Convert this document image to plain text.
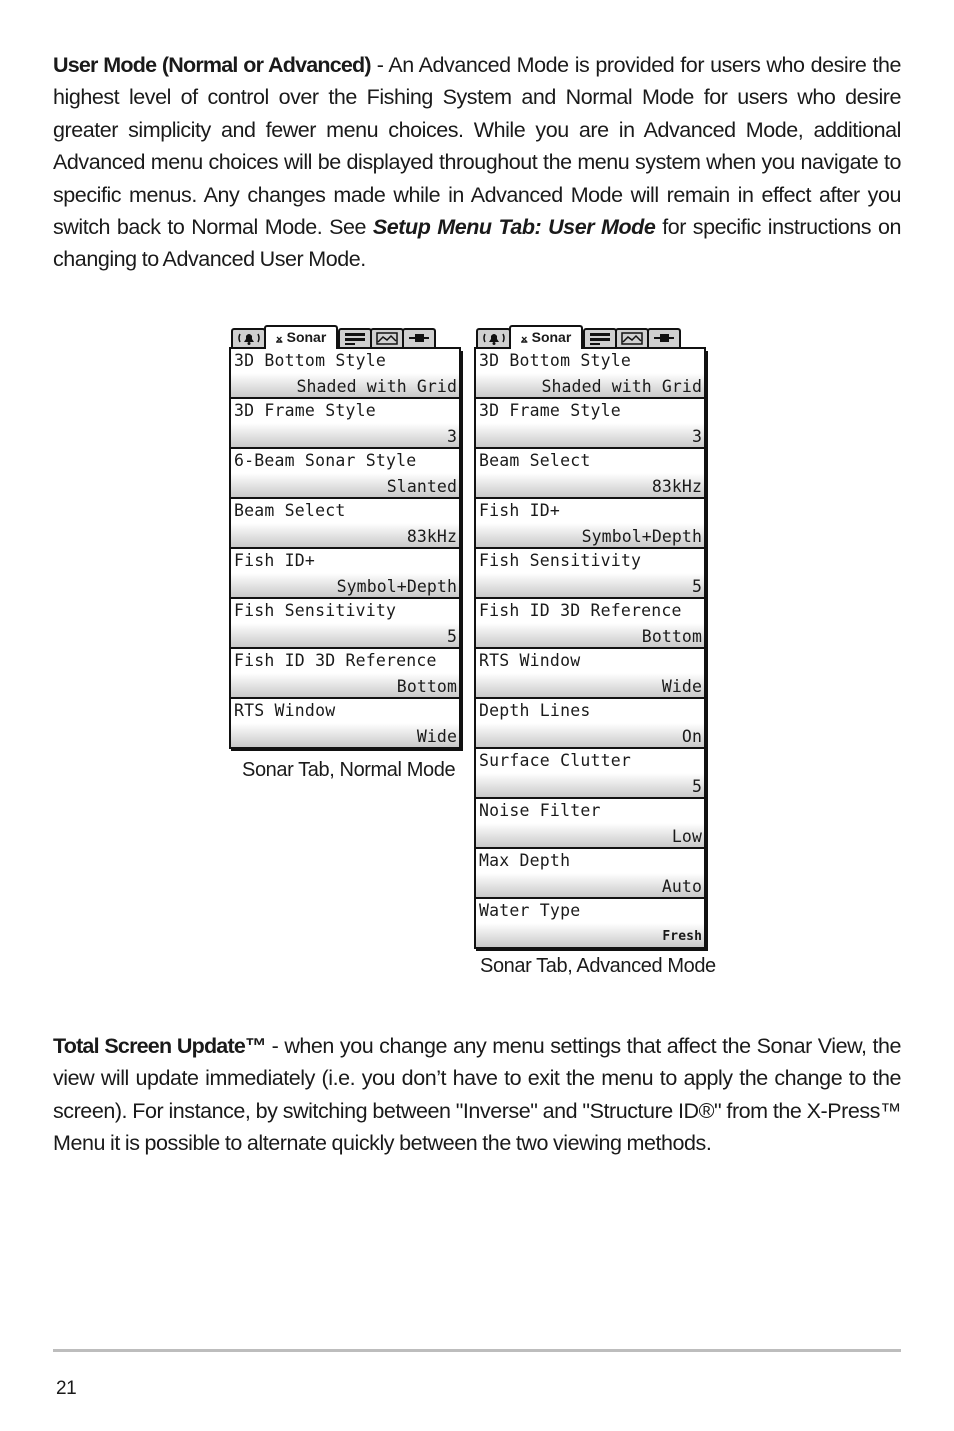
User Mode (Normal or Advanced) - An Advanced Mode is provided for users who desire the highest level of control over the Fishing System and Normal Mode for users who desire greater simplicity and fewer menu choices. While you are in Advanced Mode, additional Advanced menu choices will be displayed throughout the menu system when you navigate to specific menus. Any changes made while in Advanced Mode will remain in effect after you switch back to Normal Mode. See Setup Menu Tab: User Mode for specific instructions on changing to Advanced User Mode.
⨱ Sonar
3D Bottom Style
Shaded with Grid
3D Frame Style
3
6-Beam Sonar Style
Slanted
Beam Select
83kHz
Fish ID+
Symbol+Depth
Fish Sensitivity
5
Fish ID 3D Reference
Bottom
RTS Window
Wide
⨱ Sonar
3D Bottom Style
Shaded with Grid
3D Frame Style
3
Beam Select
83kHz
Fish ID+
Symbol+Depth
Fish Sensitivity
5
Fish ID 3D Reference
Bottom
RTS Window
Wide
Depth Lines
On
Surface Clutter
5
Noise Filter
Low
Max Depth
Auto
Water Type
Fresh
Sonar Tab, Normal Mode
Sonar Tab, Advanced Mode
Total Screen Update™ - when you change any menu settings that affect the Sonar View, the view will update immediately (i.e. you don’t have to exit the menu to apply the change to the screen). For instance, by switching between "Inverse" and "Structure ID®" from the X-Press™ Menu it is possible to alternate quickly between the two viewing methods.
21
